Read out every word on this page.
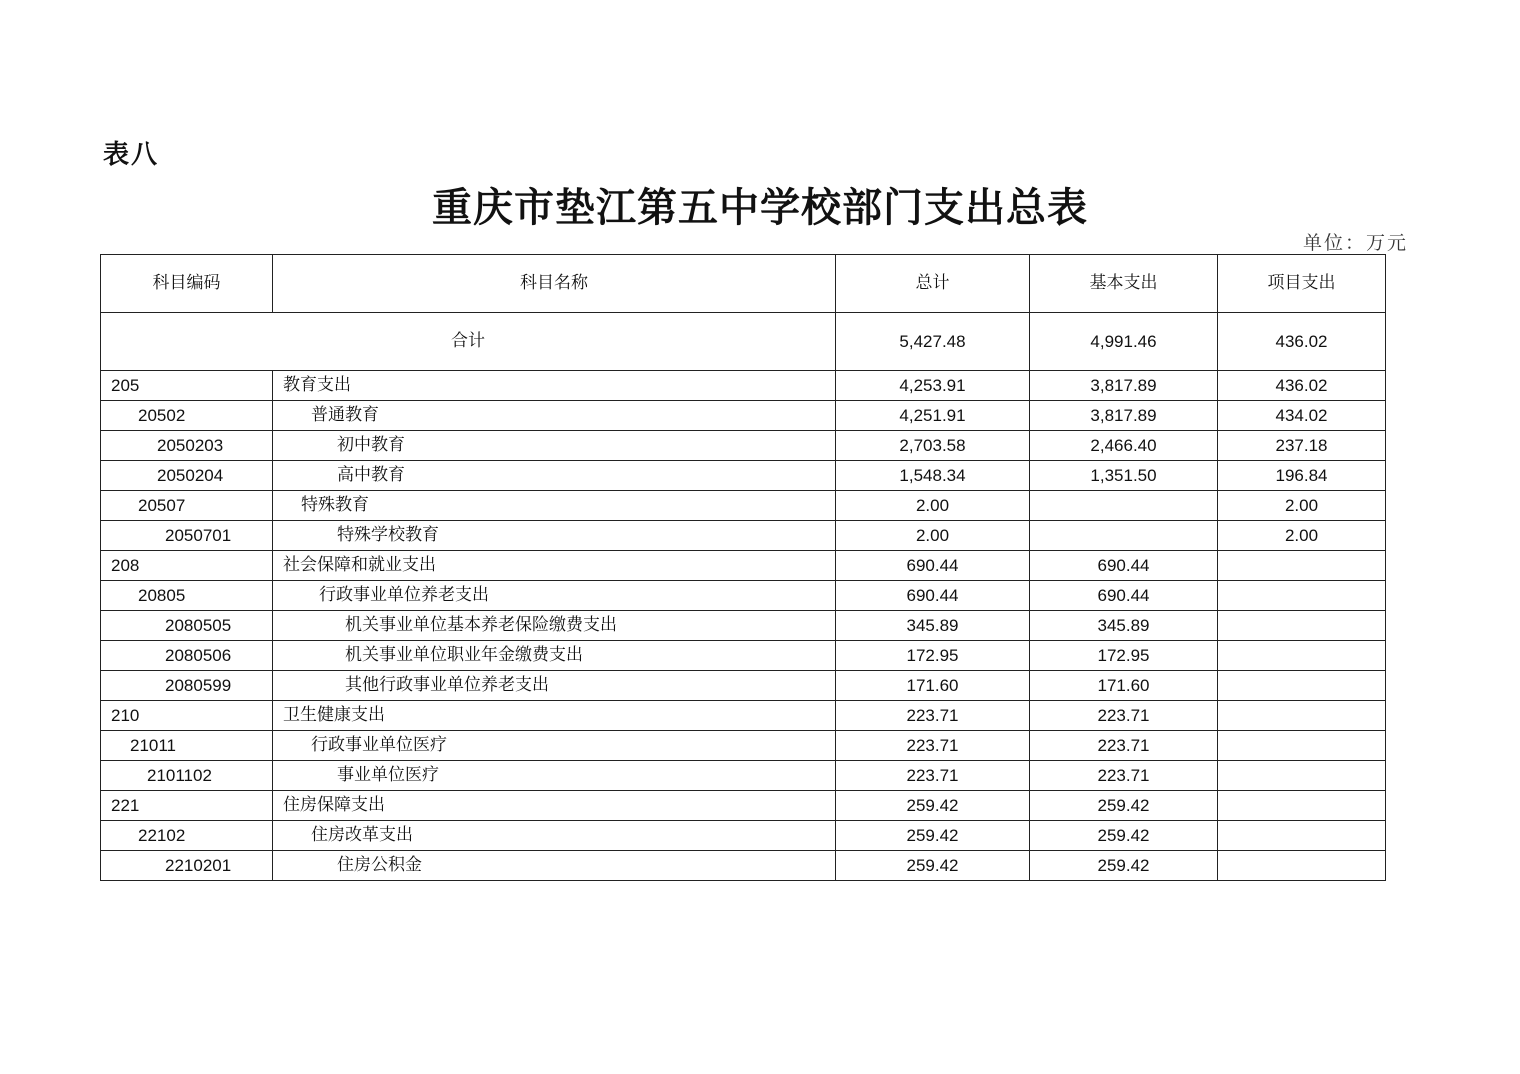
表八
重庆市垫江第五中学校部门支出总表
单位：万元
科目编码	科目名称	总计	基本支出	项目支出
合计		5,427.48	4,991.46	436.02
205	教育支出	4,253.91	3,817.89	436.02
20502	普通教育	4,251.91	3,817.89	434.02
2050203	初中教育	2,703.58	2,466.40	237.18
2050204	高中教育	1,548.34	1,351.50	196.84
20507	特殊教育	2.00		2.00
2050701	特殊学校教育	2.00		2.00
208	社会保障和就业支出	690.44	690.44	
20805	行政事业单位养老支出	690.44	690.44	
2080505	机关事业单位基本养老保险缴费支出	345.89	345.89	
2080506	机关事业单位职业年金缴费支出	172.95	172.95	
2080599	其他行政事业单位养老支出	171.60	171.60	
210	卫生健康支出	223.71	223.71	
21011	行政事业单位医疗	223.71	223.71	
2101102	事业单位医疗	223.71	223.71	
221	住房保障支出	259.42	259.42	
22102	住房改革支出	259.42	259.42	
2210201	住房公积金	259.42	259.42	
